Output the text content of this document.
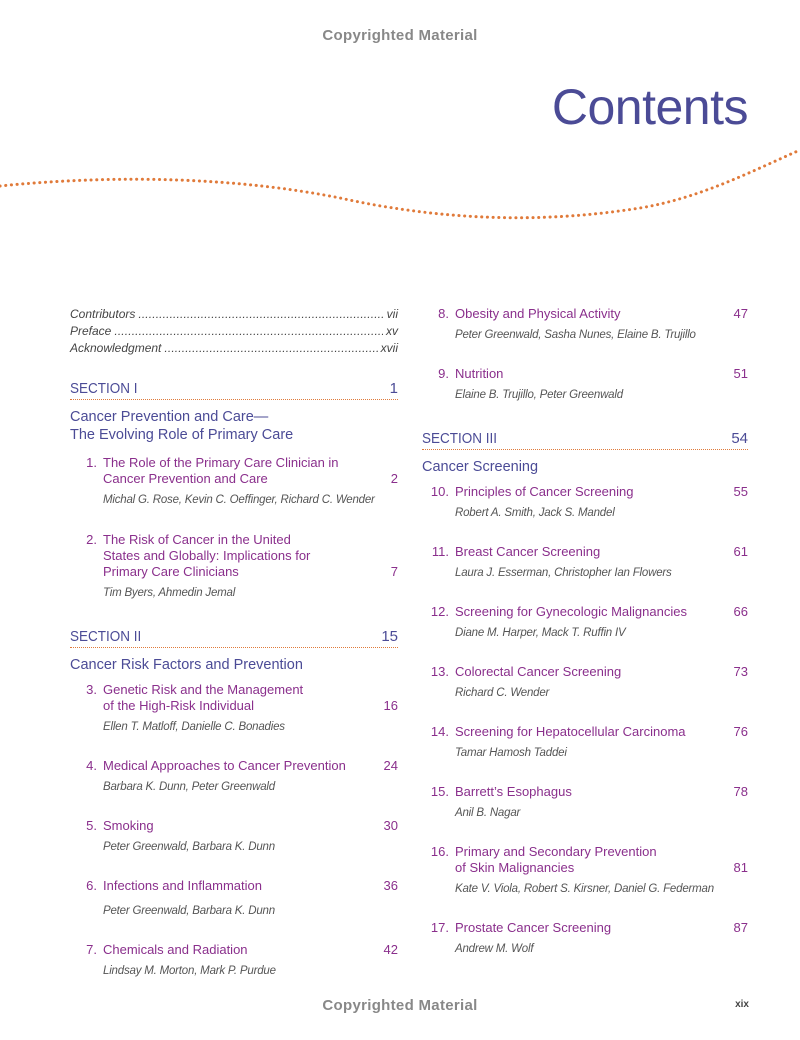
Copyrighted Material
Contents
Contributors . . .	vii
Preface . . .	xv
Acknowledgment . . .	xvii
SECTION I	1
Cancer Prevention and Care—
The Evolving Role of Primary Care
1. The Role of the Primary Care Clinician in
Cancer Prevention and Care	2
Michal G. Rose, Kevin C. Oeffinger, Richard C. Wender
2. The Risk of Cancer in the United
States and Globally: Implications for
Primary Care Clinicians	7
Tim Byers, Ahmedin Jemal
SECTION II	15
Cancer Risk Factors and Prevention
3. Genetic Risk and the Management
of the High-Risk Individual	16
Ellen T. Matloff, Danielle C. Bonadies
4. Medical Approaches to Cancer Prevention	24
Barbara K. Dunn, Peter Greenwald
5. Smoking	30
Peter Greenwald, Barbara K. Dunn
6. Infections and Inflammation	36
Peter Greenwald, Barbara K. Dunn
7. Chemicals and Radiation	42
Lindsay M. Morton, Mark P. Purdue
8. Obesity and Physical Activity	47
Peter Greenwald, Sasha Nunes, Elaine B. Trujillo
9. Nutrition	51
Elaine B. Trujillo, Peter Greenwald
SECTION III	54
Cancer Screening
10. Principles of Cancer Screening	55
Robert A. Smith, Jack S. Mandel
11. Breast Cancer Screening	61
Laura J. Esserman, Christopher Ian Flowers
12. Screening for Gynecologic Malignancies	66
Diane M. Harper, Mack T. Ruffin IV
13. Colorectal Cancer Screening	73
Richard C. Wender
14. Screening for Hepatocellular Carcinoma	76
Tamar Hamosh Taddei
15. Barrett’s Esophagus	78
Anil B. Nagar
16. Primary and Secondary Prevention
of Skin Malignancies	81
Kate V. Viola, Robert S. Kirsner, Daniel G. Federman
17. Prostate Cancer Screening	87
Andrew M. Wolf
Copyrighted Material	xix
